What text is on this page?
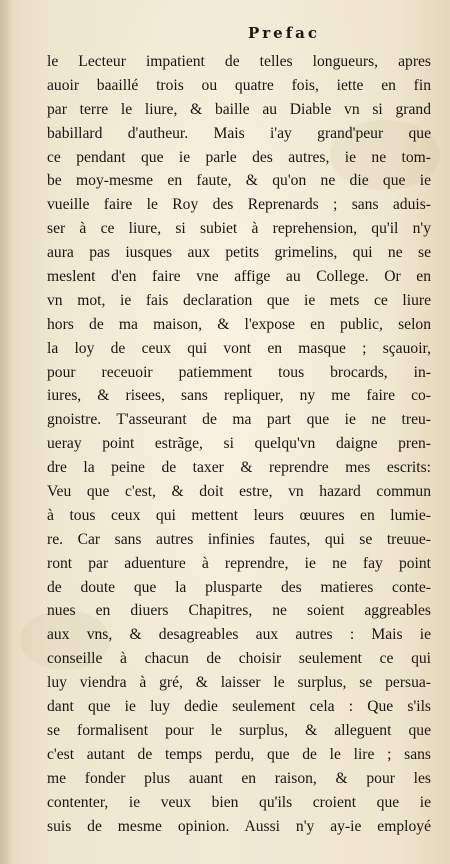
Prefac
le Lecteur impatient de telles longueurs, apres
auoir baaillé trois ou quatre fois, iette en fin
par terre le liure, & baille au Diable vn si grand
babillard d'autheur. Mais i'ay grand'peur que
ce pendant que ie parle des autres, ie ne tom-
be moy-mesme en faute, & qu'on ne die que ie
vueille faire le Roy des Reprenards ; sans aduis-
ser à ce liure, si subiet à reprehension, qu'il n'y
aura pas iusques aux petits grimelins, qui ne se
meslent d'en faire vne affige au College. Or en
vn mot, ie fais declaration que ie mets ce liure
hors de ma maison, & l'expose en public, selon
la loy de ceux qui vont en masque ; sçauoir,
pour receuoir patiemment tous brocards, in-
iures, & risees, sans repliquer, ny me faire co-
gnoistre. T'asseurant de ma part que ie ne treu-
ueray point estrãge, si quelqu'vn daigne pren-
dre la peine de taxer & reprendre mes escrits:
Veu que c'est, & doit estre, vn hazard commun
à tous ceux qui mettent leurs œuures en lumie-
re. Car sans autres infinies fautes, qui se treuue-
ront par aduenture à reprendre, ie ne fay point
de doute que la plusparte des matieres conte-
nues en diuers Chapitres, ne soient aggreables
aux vns, & desagreables aux autres : Mais ie
conseille à chacun de choisir seulement ce qui
luy viendra à gré, & laisser le surplus, se persua-
dant que ie luy dedie seulement cela : Que s'ils
se formalisent pour le surplus, & alleguent que
c'est autant de temps perdu, que de le lire ; sans
me fonder plus auant en raison, & pour les
contenter, ie veux bien qu'ils croient que ie
suis de mesme opinion. Aussi n'y ay-ie employé
